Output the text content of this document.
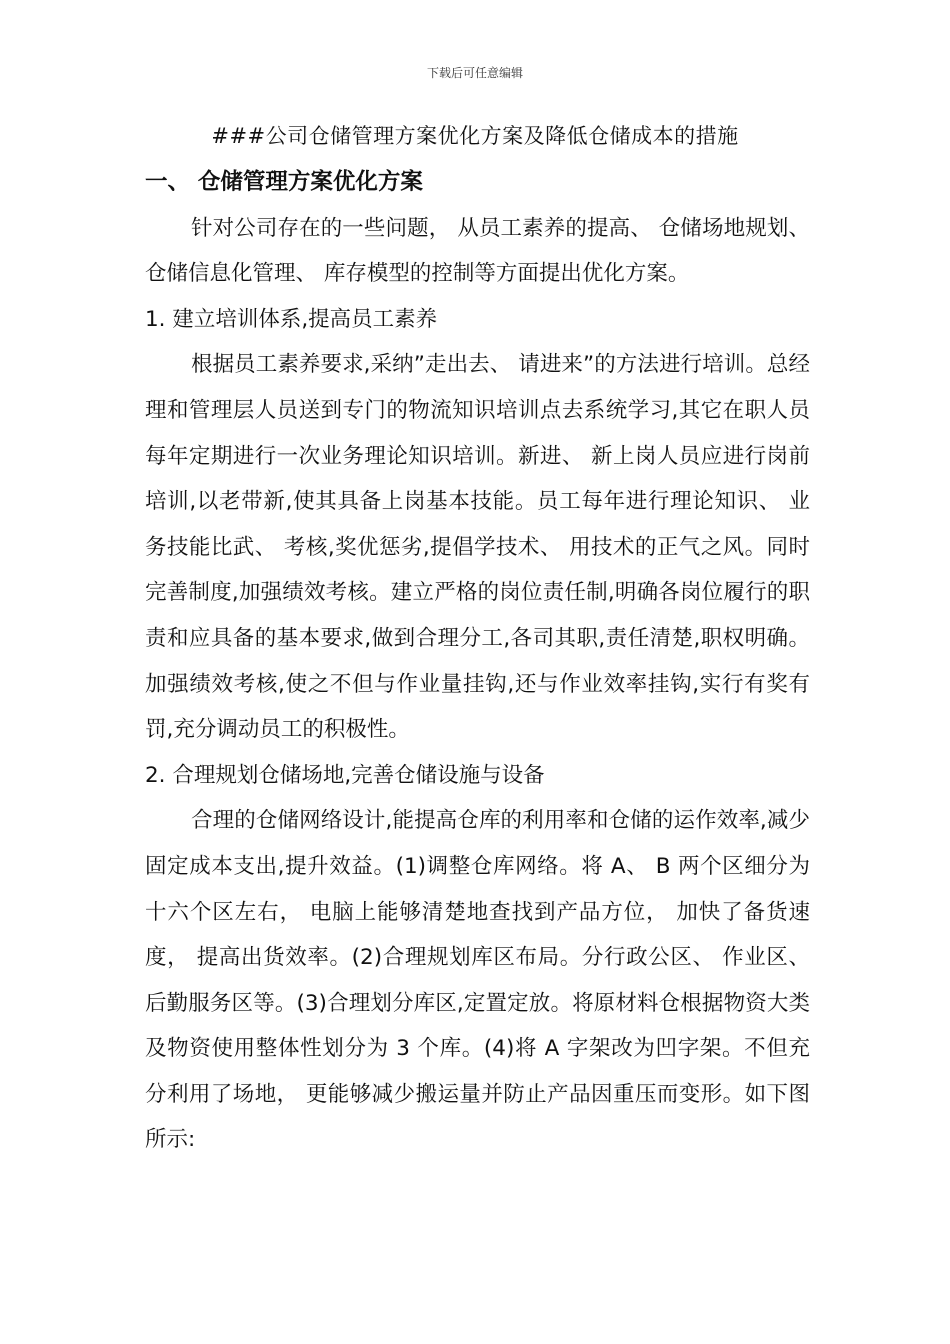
下载后可任意编辑
###公司仓储管理方案优化方案及降低仓储成本的措施
一、 仓储管理方案优化方案

针对公司存在的一些问题， 从员工素养的提高、 仓储场地规划、 仓储信息化管理、 库存模型的控制等方面提出优化方案。

1. 建立培训体系,提高员工素养

根据员工素养要求,采纳”走出去、 请进来”的方法进行培训。总经理和管理层人员送到专门的物流知识培训点去系统学习,其它在职人员每年定期进行一次业务理论知识培训。新进、 新上岗人员应进行岗前培训,以老带新,使其具备上岗基本技能。员工每年进行理论知识、 业务技能比武、 考核,奖优惩劣,提倡学技术、 用技术的正气之风。同时完善制度,加强绩效考核。建立严格的岗位责任制,明确各岗位履行的职责和应具备的基本要求,做到合理分工,各司其职,责任清楚,职权明确。加强绩效考核,使之不但与作业量挂钩,还与作业效率挂钩,实行有奖有罚,充分调动员工的积极性。

2. 合理规划仓储场地,完善仓储设施与设备

合理的仓储网络设计,能提高仓库的利用率和仓储的运作效率,减少固定成本支出,提升效益。(1)调整仓库网络。将 A、 B 两个区细分为十六个区左右， 电脑上能够清楚地查找到产品方位， 加快了备货速度， 提高出货效率。(2)合理规划库区布局。分行政公区、 作业区、 后勤服务区等。(3)合理划分库区,定置定放。将原材料仓根据物资大类及物资使用整体性划分为 3 个库。(4)将 A 字架改为凹字架。不但充分利用了场地， 更能够减少搬运量并防止产品因重压而变形。如下图所示:
